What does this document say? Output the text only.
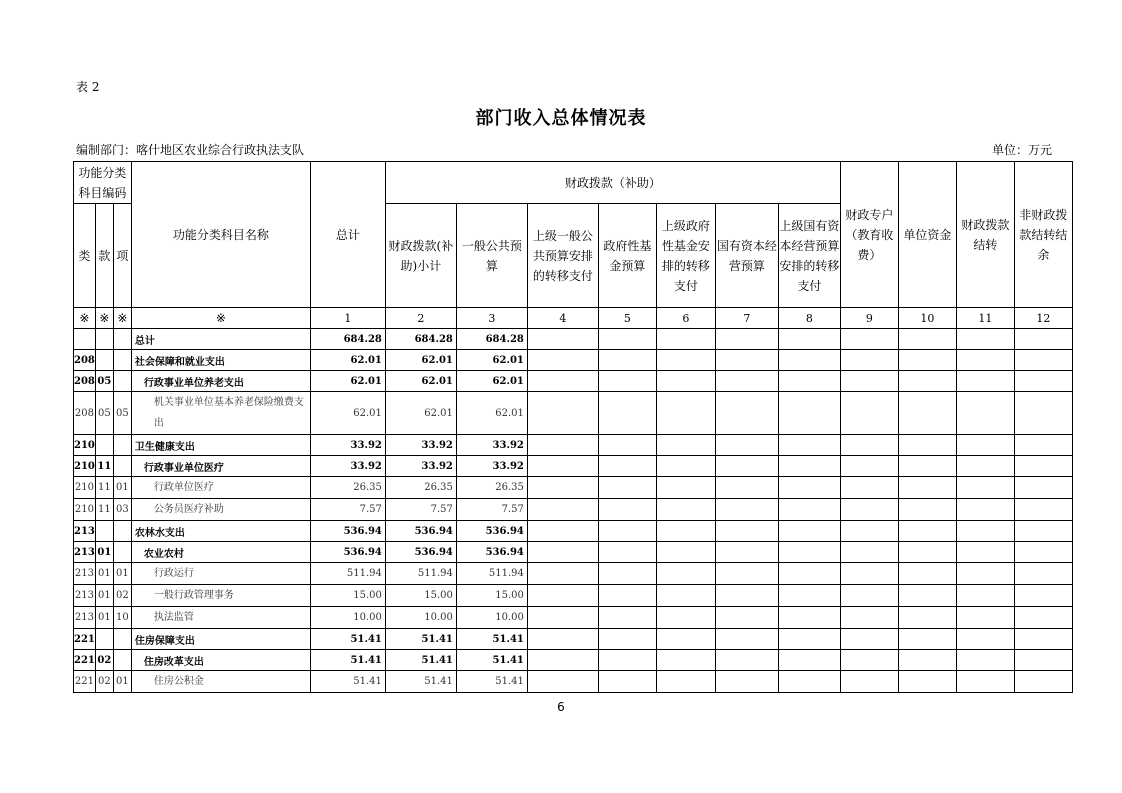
表 2
部门收入总体情况表
编制部门：喀什地区农业综合行政执法支队	单位：万元
功能分类科目编码			功能分类科目名称	总计	财政拨款（补助）							财政专户（教育收费）	单位资金	财政拨款结转	非财政拨款结转结余
类	款	项			财政拨款(补助)小计	一般公共预算	上级一般公共预算安排的转移支付	政府性基金预算	上级政府性基金安排的转移支付	国有资本经营预算	上级国有资本经营预算安排的转移支付				
※	※	※	※	1	2	3	4	5	6	7	8	9	10	11	12
			总计	684.28	684.28	684.28									
208			社会保障和就业支出	62.01	62.01	62.01									
208	05		行政事业单位养老支出	62.01	62.01	62.01									
208	05	05	机关事业单位基本养老保险缴费支出	62.01	62.01	62.01									
210			卫生健康支出	33.92	33.92	33.92									
210	11		行政事业单位医疗	33.92	33.92	33.92									
210	11	01	行政单位医疗	26.35	26.35	26.35									
210	11	03	公务员医疗补助	7.57	7.57	7.57									
213			农林水支出	536.94	536.94	536.94									
213	01		农业农村	536.94	536.94	536.94									
213	01	01	行政运行	511.94	511.94	511.94									
213	01	02	一般行政管理事务	15.00	15.00	15.00									
213	01	10	执法监管	10.00	10.00	10.00									
221			住房保障支出	51.41	51.41	51.41									
221	02		住房改革支出	51.41	51.41	51.41									
221	02	01	住房公积金	51.41	51.41	51.41									
6
